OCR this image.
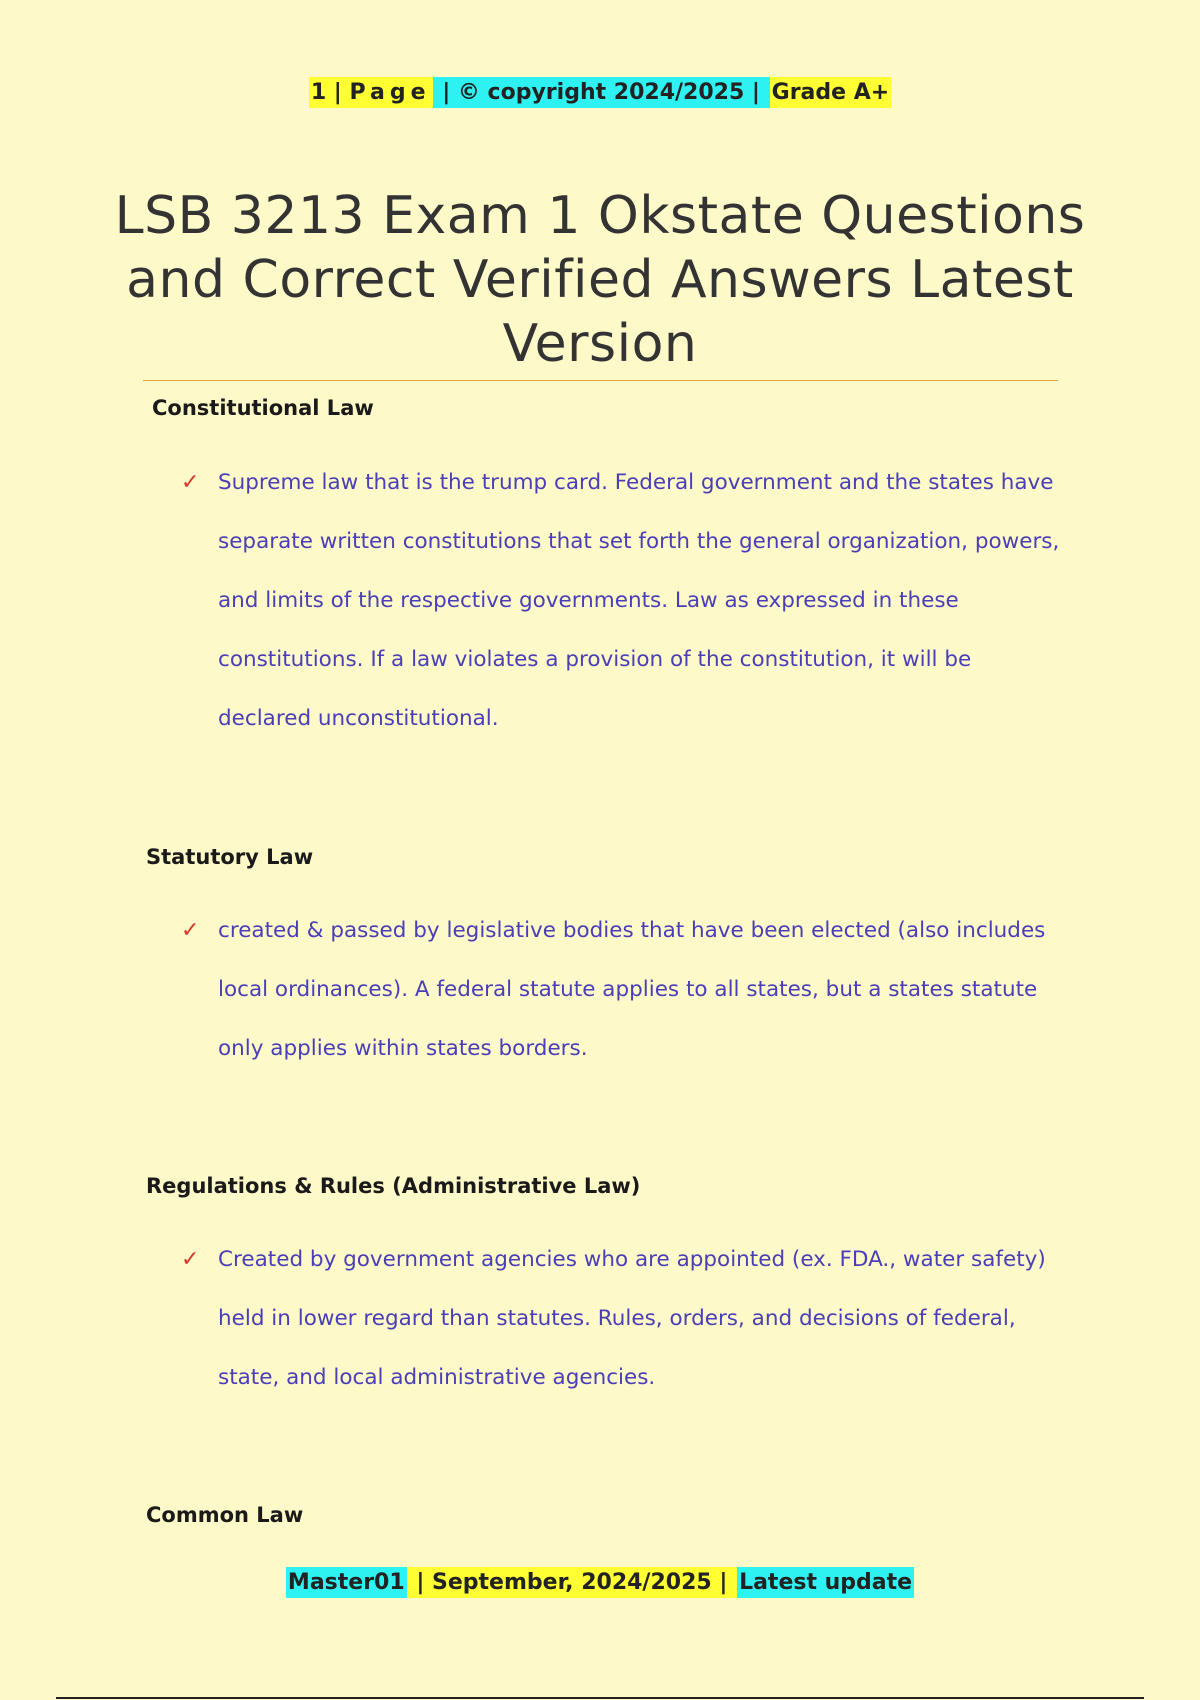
1 | Page | © copyright 2024/2025 | Grade A+
LSB 3213 Exam 1 Okstate Questions and Correct Verified Answers Latest Version
Constitutional Law
✓ Supreme law that is the trump card. Federal government and the states have separate written constitutions that set forth the general organization, powers, and limits of the respective governments. Law as expressed in these constitutions. If a law violates a provision of the constitution, it will be declared unconstitutional.
Statutory Law
✓ created & passed by legislative bodies that have been elected (also includes local ordinances). A federal statute applies to all states, but a states statute only applies within states borders.
Regulations & Rules (Administrative Law)
✓ Created by government agencies who are appointed (ex. FDA., water safety) held in lower regard than statutes. Rules, orders, and decisions of federal, state, and local administrative agencies.
Common Law
Master01 | September, 2024/2025 | Latest update
